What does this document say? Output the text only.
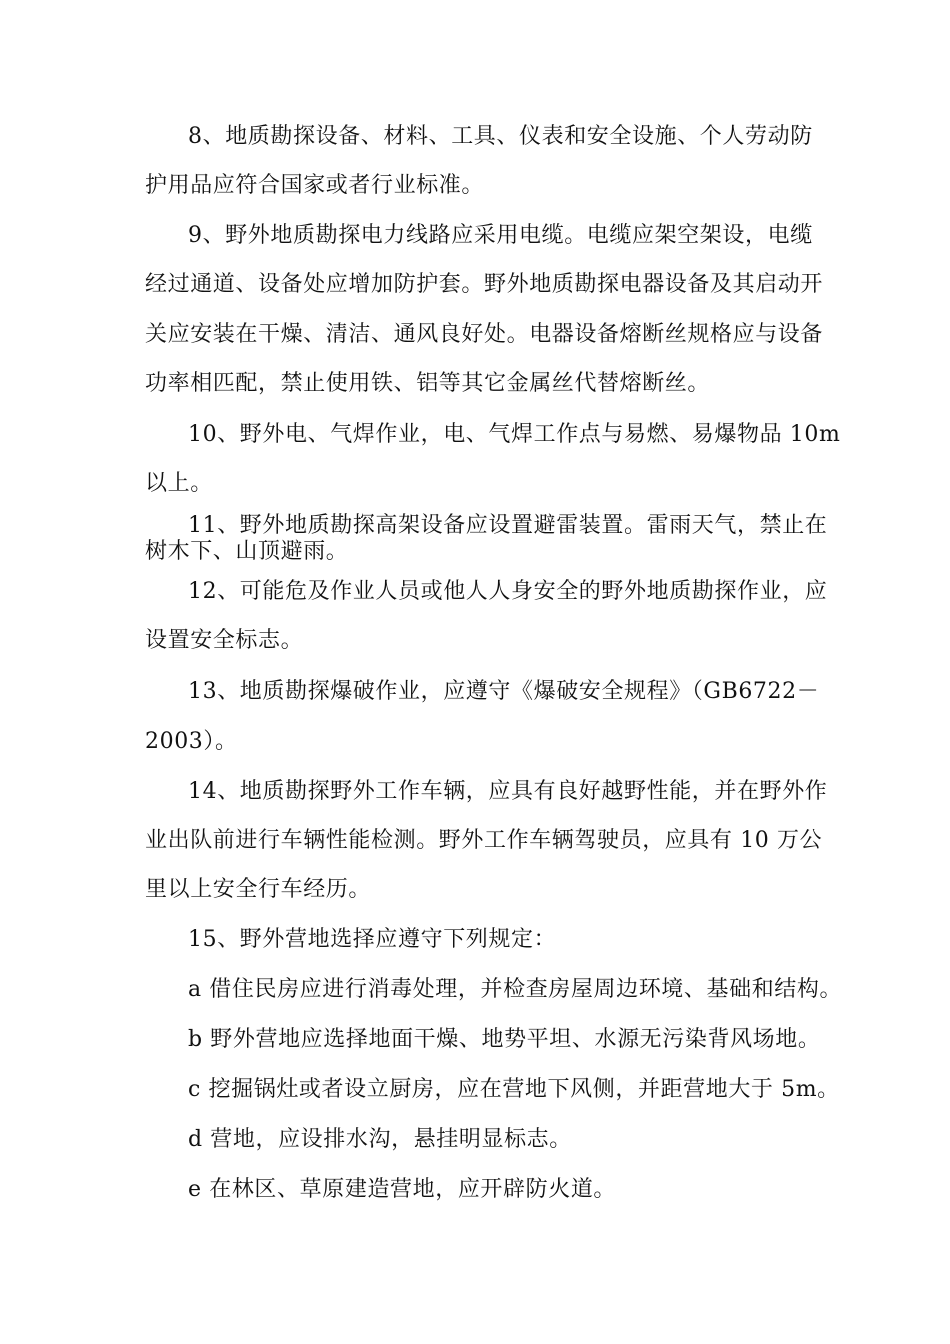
8、地质勘探设备、材料、工具、仪表和安全设施、个人劳动防

护用品应符合国家或者行业标准。

9、野外地质勘探电力线路应采用电缆。电缆应架空架设，电缆

经过通道、设备处应增加防护套。野外地质勘探电器设备及其启动开

关应安装在干燥、清洁、通风良好处。电器设备熔断丝规格应与设备

功率相匹配，禁止使用铁、铝等其它金属丝代替熔断丝。

10、野外电、气焊作业，电、气焊工作点与易燃、易爆物品 10m

以上。

11、野外地质勘探高架设备应设置避雷装置。雷雨天气，禁止在

树木下、山顶避雨。

12、可能危及作业人员或他人人身安全的野外地质勘探作业，应

设置安全标志。

13、地质勘探爆破作业，应遵守《爆破安全规程》（GB6722－

2003）。

14、地质勘探野外工作车辆，应具有良好越野性能，并在野外作

业出队前进行车辆性能检测。野外工作车辆驾驶员，应具有 10 万公

里以上安全行车经历。

15、野外营地选择应遵守下列规定：

a 借住民房应进行消毒处理，并检查房屋周边环境、基础和结构。

b 野外营地应选择地面干燥、地势平坦、水源无污染背风场地。

c 挖掘锅灶或者设立厨房，应在营地下风侧，并距营地大于 5m。

d 营地，应设排水沟，悬挂明显标志。

e 在林区、草原建造营地，应开辟防火道。
